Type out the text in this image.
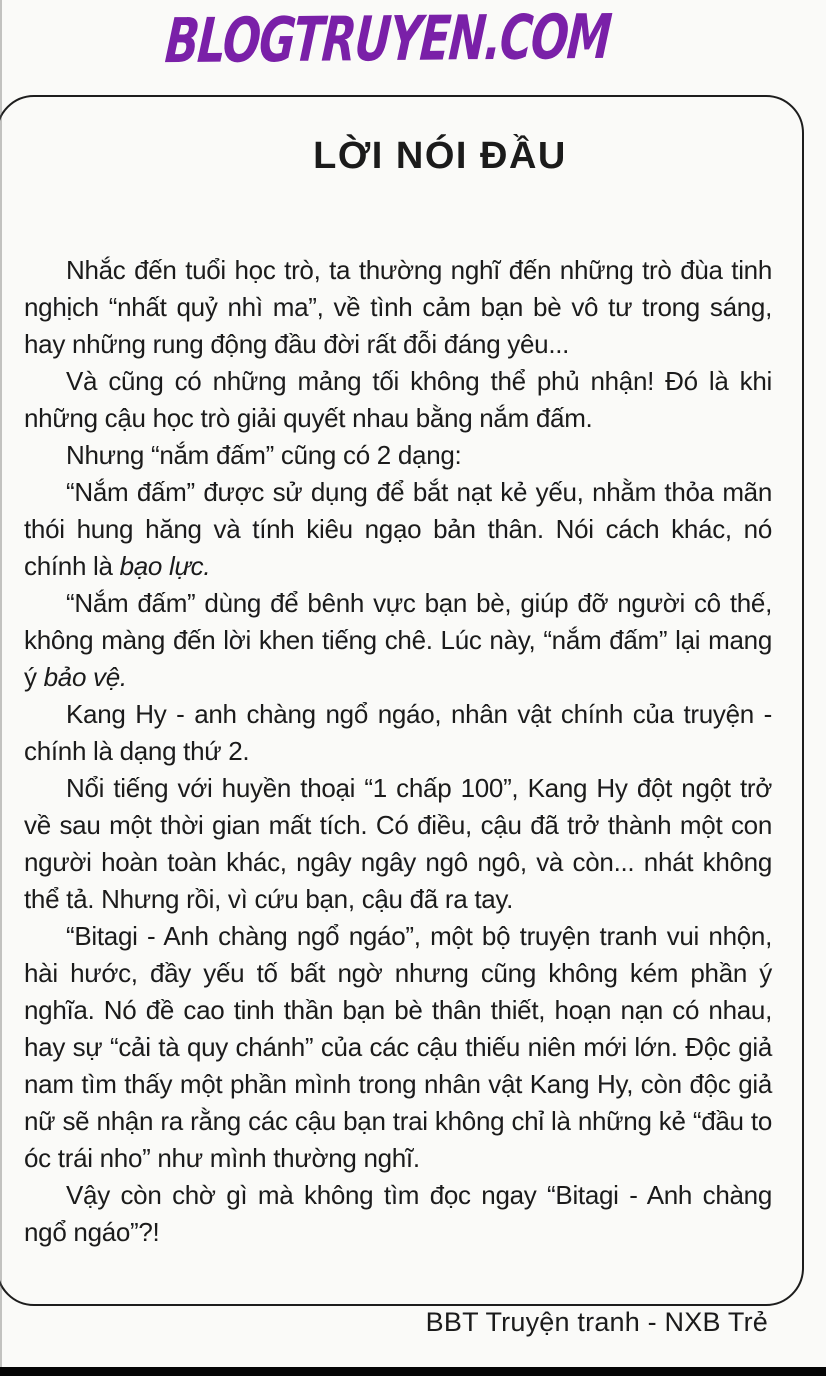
BLOGTRUYEN.COM
LỜI NÓI ĐẦU

Nhắc đến tuổi học trò, ta thường nghĩ đến những trò đùa tinh nghịch “nhất quỷ nhì ma”, về tình cảm bạn bè vô tư trong sáng, hay những rung động đầu đời rất đỗi đáng yêu...

Và cũng có những mảng tối không thể phủ nhận! Đó là khi những cậu học trò giải quyết nhau bằng nắm đấm.

Nhưng “nắm đấm” cũng có 2 dạng:

“Nắm đấm” được sử dụng để bắt nạt kẻ yếu, nhằm thỏa mãn thói hung hăng và tính kiêu ngạo bản thân. Nói cách khác, nó chính là bạo lực.

“Nắm đấm” dùng để bênh vực bạn bè, giúp đỡ người cô thế, không màng đến lời khen tiếng chê. Lúc này, “nắm đấm” lại mang ý bảo vệ.

Kang Hy - anh chàng ngổ ngáo, nhân vật chính của truyện - chính là dạng thứ 2.

Nổi tiếng với huyền thoại “1 chấp 100”, Kang Hy đột ngột trở về sau một thời gian mất tích. Có điều, cậu đã trở thành một con người hoàn toàn khác, ngây ngây ngô ngô, và còn... nhát không thể tả. Nhưng rồi, vì cứu bạn, cậu đã ra tay.

“Bitagi - Anh chàng ngổ ngáo”, một bộ truyện tranh vui nhộn, hài hước, đầy yếu tố bất ngờ nhưng cũng không kém phần ý nghĩa. Nó đề cao tinh thần bạn bè thân thiết, hoạn nạn có nhau, hay sự “cải tà quy chánh” của các cậu thiếu niên mới lớn. Độc giả nam tìm thấy một phần mình trong nhân vật Kang Hy, còn độc giả nữ sẽ nhận ra rằng các cậu bạn trai không chỉ là những kẻ “đầu to óc trái nho” như mình thường nghĩ.

Vậy còn chờ gì mà không tìm đọc ngay “Bitagi - Anh chàng ngổ ngáo”?!

BBT Truyện tranh - NXB Trẻ
